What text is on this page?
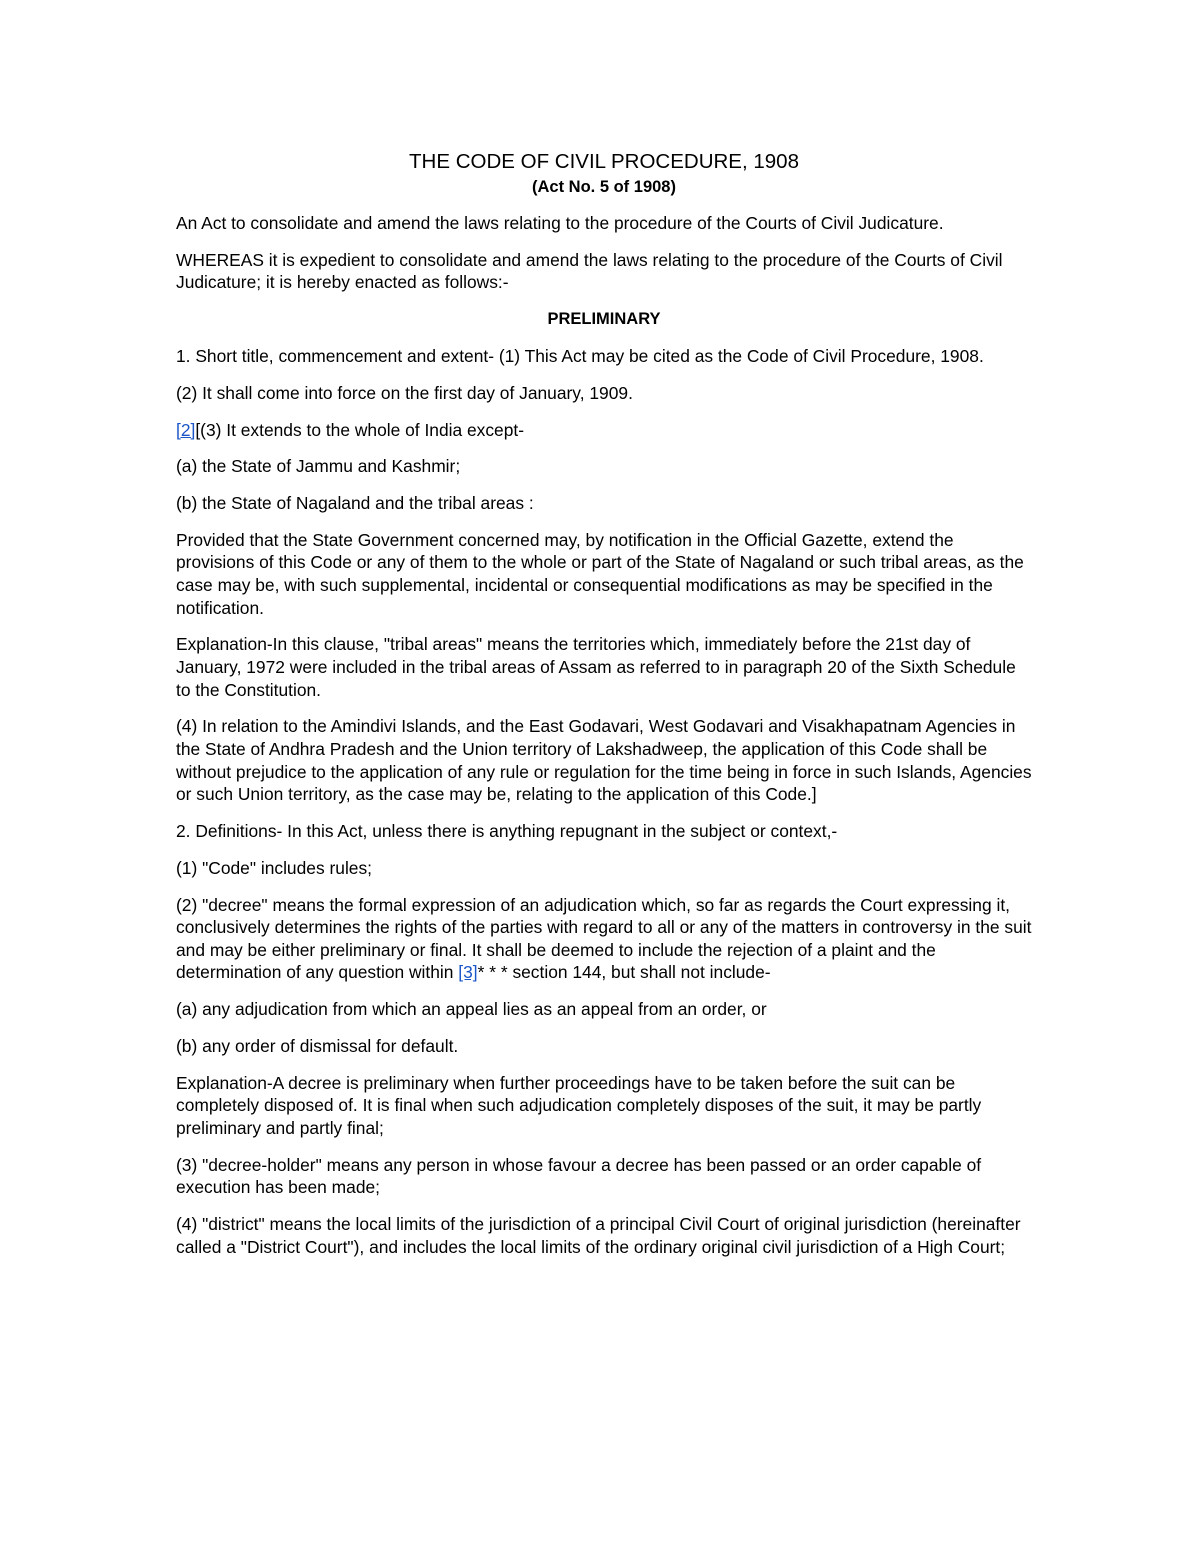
THE CODE OF CIVIL PROCEDURE, 1908
(Act No. 5 of 1908)

An Act to consolidate and amend the laws relating to the procedure of the Courts of Civil Judicature.

WHEREAS it is expedient to consolidate and amend the laws relating to the procedure of the Courts of Civil Judicature; it is hereby enacted as follows:-

PRELIMINARY

1. Short title, commencement and extent- (1) This Act may be cited as the Code of Civil Procedure, 1908.

(2) It shall come into force on the first day of January, 1909.

[2][(3) It extends to the whole of India except-

(a) the State of Jammu and Kashmir;

(b) the State of Nagaland and the tribal areas :

Provided that the State Government concerned may, by notification in the Official Gazette, extend the provisions of this Code or any of them to the whole or part of the State of Nagaland or such tribal areas, as the case may be, with such supplemental, incidental or consequential modifications as may be specified in the notification.

Explanation-In this clause, "tribal areas" means the territories which, immediately before the 21st day of January, 1972 were included in the tribal areas of Assam as referred to in paragraph 20 of the Sixth Schedule to the Constitution.

(4) In relation to the Amindivi Islands, and the East Godavari, West Godavari and Visakhapatnam Agencies in the State of Andhra Pradesh and the Union territory of Lakshadweep, the application of this Code shall be without prejudice to the application of any rule or regulation for the time being in force in such Islands, Agencies or such Union territory, as the case may be, relating to the application of this Code.]

2. Definitions- In this Act, unless there is anything repugnant in the subject or context,-

(1) "Code" includes rules;

(2) "decree" means the formal expression of an adjudication which, so far as regards the Court expressing it, conclusively determines the rights of the parties with regard to all or any of the matters in controversy in the suit and may be either preliminary or final. It shall be deemed to include the rejection of a plaint and the determination of any question within [3]* * * section 144, but shall not include-

(a) any adjudication from which an appeal lies as an appeal from an order, or

(b) any order of dismissal for default.

Explanation-A decree is preliminary when further proceedings have to be taken before the suit can be completely disposed of. It is final when such adjudication completely disposes of the suit, it may be partly preliminary and partly final;

(3) "decree-holder" means any person in whose favour a decree has been passed or an order capable of execution has been made;

(4) "district" means the local limits of the jurisdiction of a principal Civil Court of original jurisdiction (hereinafter called a "District Court"), and includes the local limits of the ordinary original civil jurisdiction of a High Court;
